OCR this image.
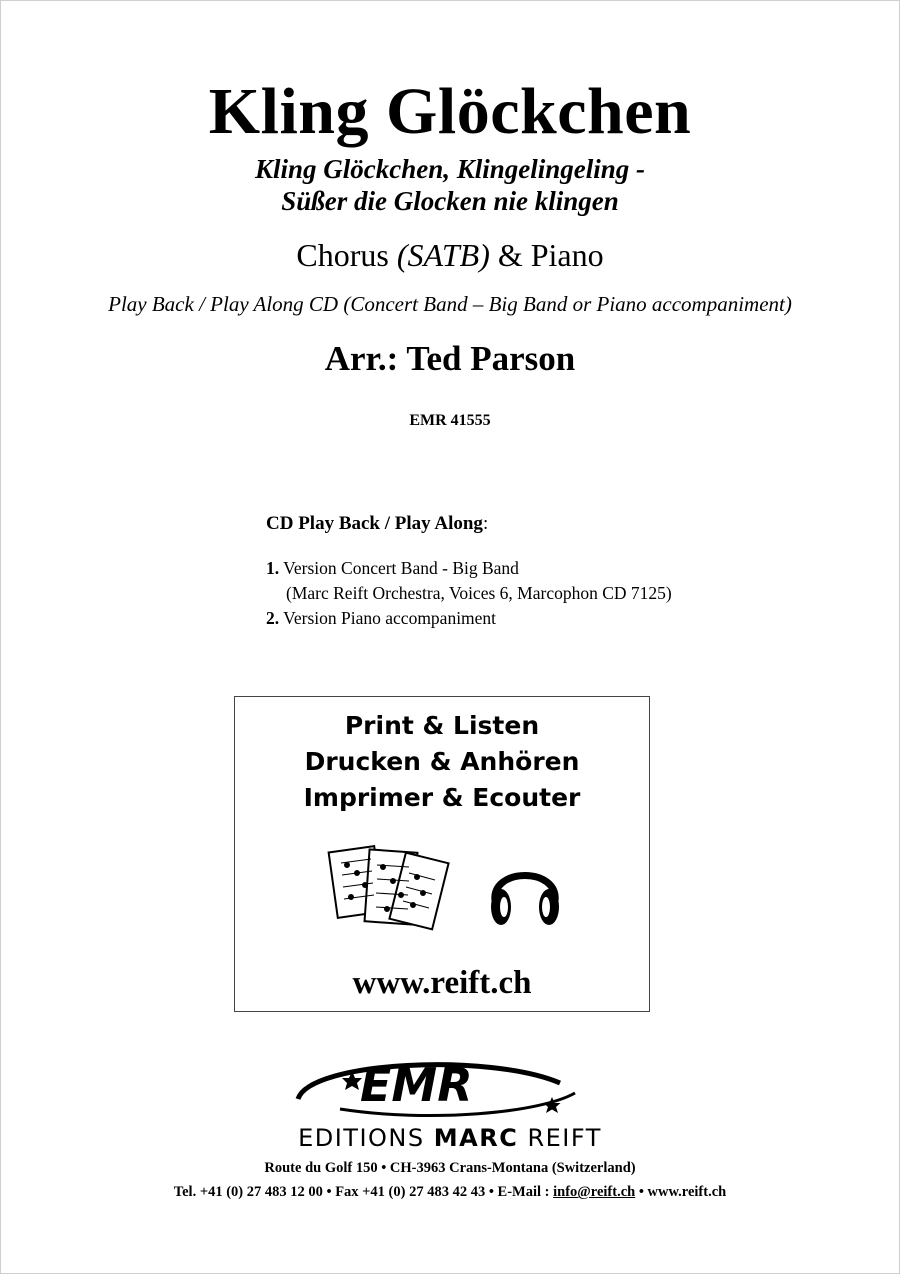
Kling Glöckchen
Kling Glöckchen, Klingelingeling -
Süßer die Glocken nie klingen
Chorus (SATB) & Piano
Play Back / Play Along CD (Concert Band – Big Band or Piano accompaniment)
Arr.: Ted Parson
EMR 41555
CD Play Back / Play Along:
1. Version Concert Band - Big Band
(Marc Reift Orchestra, Voices 6, Marcophon CD 7125)
2. Version Piano accompaniment
Print & Listen
Drucken & Anhören
Imprimer & Ecouter
www.reift.ch
EMR
EDITIONS MARC REIFT
Route du Golf 150 • CH-3963 Crans-Montana (Switzerland)
Tel. +41 (0) 27 483 12 00 • Fax +41 (0) 27 483 42 43 • E-Mail : info@reift.ch • www.reift.ch
